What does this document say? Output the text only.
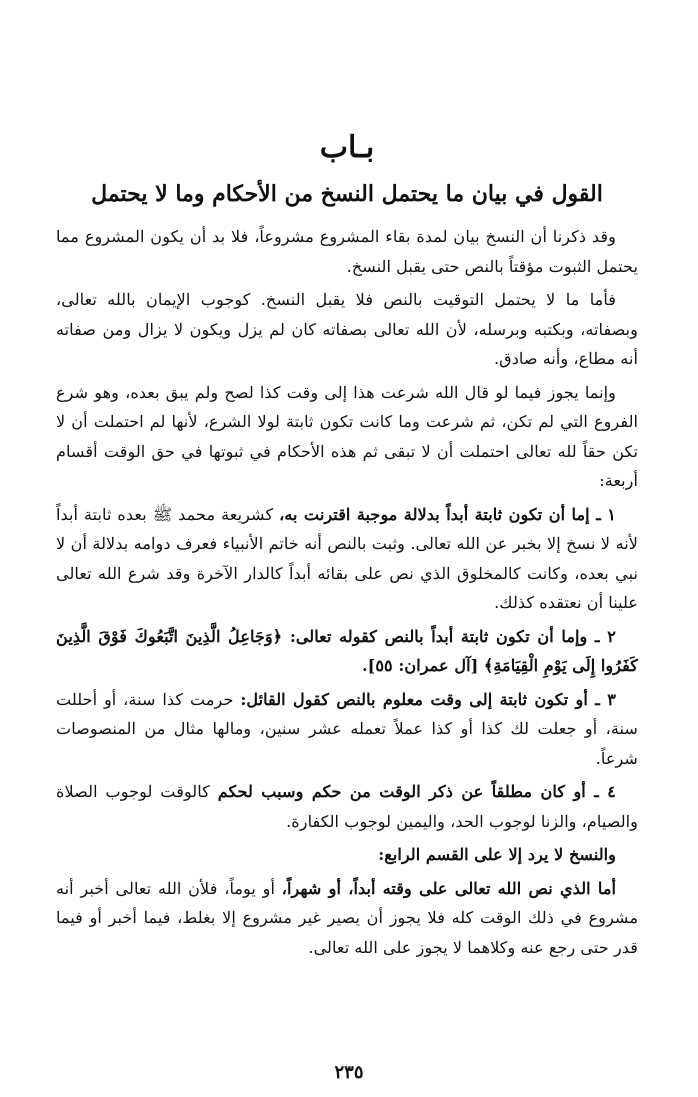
بـاب
القول في بيان ما يحتمل النسخ من الأحكام وما لا يحتمل

وقد ذكرنا أن النسخ بيان لمدة بقاء المشروع مشروعاً، فلا بد أن يكون المشروع مما يحتمل الثبوت مؤقتاً بالنص حتى يقبل النسخ.

فأما ما لا يحتمل التوقيت بالنص فلا يقبل النسخ. كوجوب الإيمان بالله تعالى، وبصفاته، وبكتبه وبرسله، لأن الله تعالى بصفاته كان لم يزل ويكون لا يزال ومن صفاته أنه مطاع، وأنه صادق.

وإنما يجوز فيما لو قال الله شرعت هذا إلى وقت كذا لصح ولم يبق بعده، وهو شرع الفروع التي لم تكن، ثم شرعت وما كانت تكون ثابتة لولا الشرع، لأنها لم احتملت أن لا تكن حقاً لله تعالى احتملت أن لا تبقى ثم هذه الأحكام في ثبوتها في حق الوقت أقسام أربعة:

١ ـ إما أن تكون ثابتة أبداً بدلالة موجبة اقترنت به، كشريعة محمد ﷺ بعده ثابتة أبداً لأنه لا نسخ إلا بخبر عن الله تعالى. وثبت بالنص أنه خاتم الأنبياء فعرف دوامه بدلالة أن لا نبي بعده، وكانت كالمخلوق الذي نص على بقائه أبداً كالدار الآخرة وقد شرع الله تعالى علينا أن نعتقده كذلك.

٢ ـ وإما أن تكون ثابتة أبداً بالنص كقوله تعالى: ﴿وَجَاعِلُ الَّذِينَ اتَّبَعُوكَ فَوْقَ الَّذِينَ كَفَرُوا إِلَى يَوْمِ الْقِيَامَةِ﴾ [آل عمران: ٥٥].

٣ ـ أو تكون ثابتة إلى وقت معلوم بالنص كقول القائل: حرمت كذا سنة، أو أحللت سنة، أو جعلت لك كذا أو كذا عملاً تعمله عشر سنين، ومالها مثال من المنصوصات شرعاً.

٤ ـ أو كان مطلقاً عن ذكر الوقت من حكم وسبب لحكم كالوقت لوجوب الصلاة والصيام، والزنا لوجوب الحد، واليمين لوجوب الكفارة.

والنسخ لا يرد إلا على القسم الرابع:

أما الذي نص الله تعالى على وقته أبداً، أو شهراً، أو يوماً، فلأن الله تعالى أخبر أنه مشروع في ذلك الوقت كله فلا يجوز أن يصير غير مشروع إلا بغلط، فيما أخبر أو فيما قدر حتى رجع عنه وكلاهما لا يجوز على الله تعالى.

٢٣٥
